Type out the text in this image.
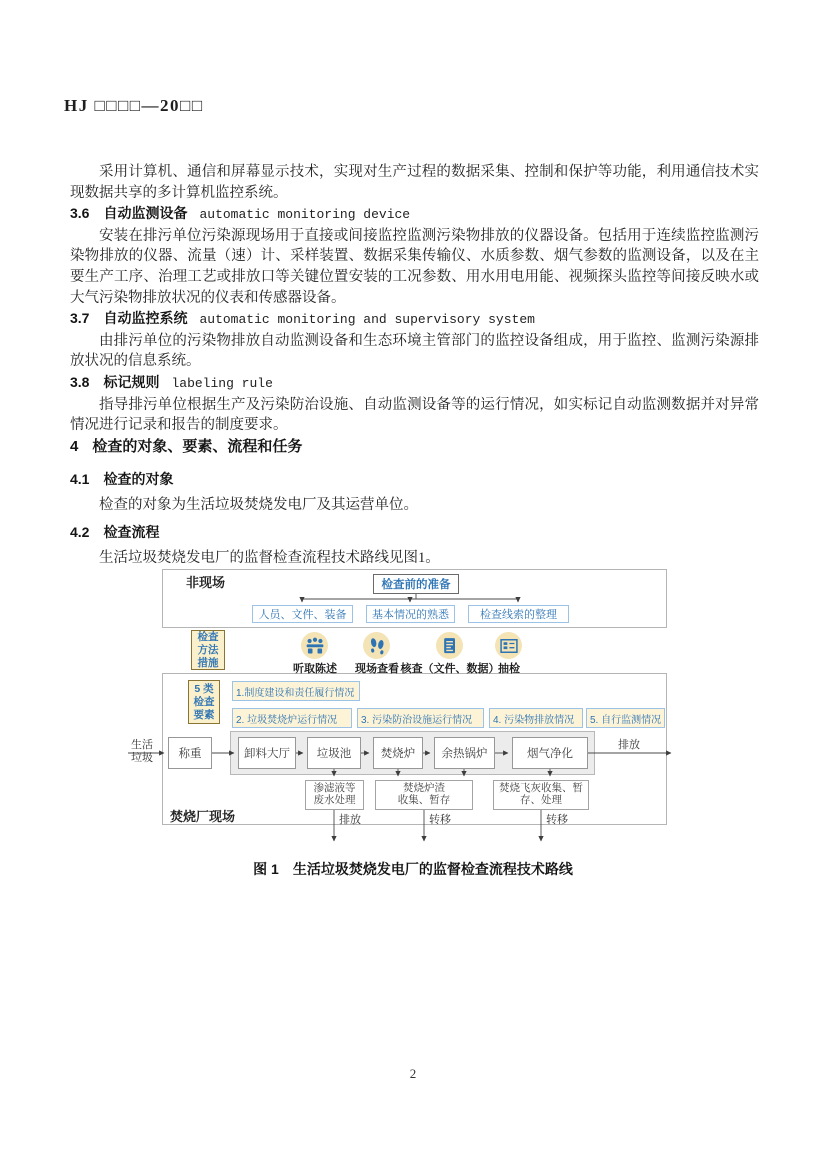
HJ □□□□—20□□

采用计算机、通信和屏幕显示技术，实现对生产过程的数据采集、控制和保护等功能，利用通信技术实现数据共享的多计算机监控系统。

3.6 自动监测设备 automatic monitoring device

安装在排污单位污染源现场用于直接或间接监控监测污染物排放的仪器设备。包括用于连续监控监测污染物排放的仪器、流量（速）计、采样装置、数据采集传输仪、水质参数、烟气参数的监测设备，以及在主要生产工序、治理工艺或排放口等关键位置安装的工况参数、用水用电用能、视频探头监控等间接反映水或大气污染物排放状况的仪表和传感器设备。

3.7 自动监控系统 automatic monitoring and supervisory system

由排污单位的污染物排放自动监测设备和生态环境主管部门的监控设备组成，用于监控、监测污染源排放状况的信息系统。

3.8 标记规则 labeling rule

指导排污单位根据生产及污染防治设施、自动监测设备等的运行情况，如实标记自动监测数据并对异常情况进行记录和报告的制度要求。

4 检查的对象、要素、流程和任务

4.1 检查的对象

检查的对象为生活垃圾焚烧发电厂及其运营单位。

4.2 检查流程

生活垃圾焚烧发电厂的监督检查流程技术路线见图1。

非现场	检查前的准备
人员、文件、装备	基本情况的熟悉	检查线索的整理
检查
方法
措施
听取陈述	现场查看 核查（文件、数据）
抽检
5 类
检查
要素
1.制度建设和责任履行情况
2. 垃圾焚烧炉运行情况	3. 污染防治设施运行情况	4. 污染物排放情况	5. 自行监测情况
生活
垃圾	称重	卸料大厅	垃圾池	焚烧炉	余热锅炉	烟气净化
排放
渗滤液等
废水处理
焚烧炉渣
收集、暂存
焚烧飞灰收集、暂
存、处理
排放	转移	转移
焚烧厂现场
图 1 生活垃圾焚烧发电厂的监督检查流程技术路线
2
